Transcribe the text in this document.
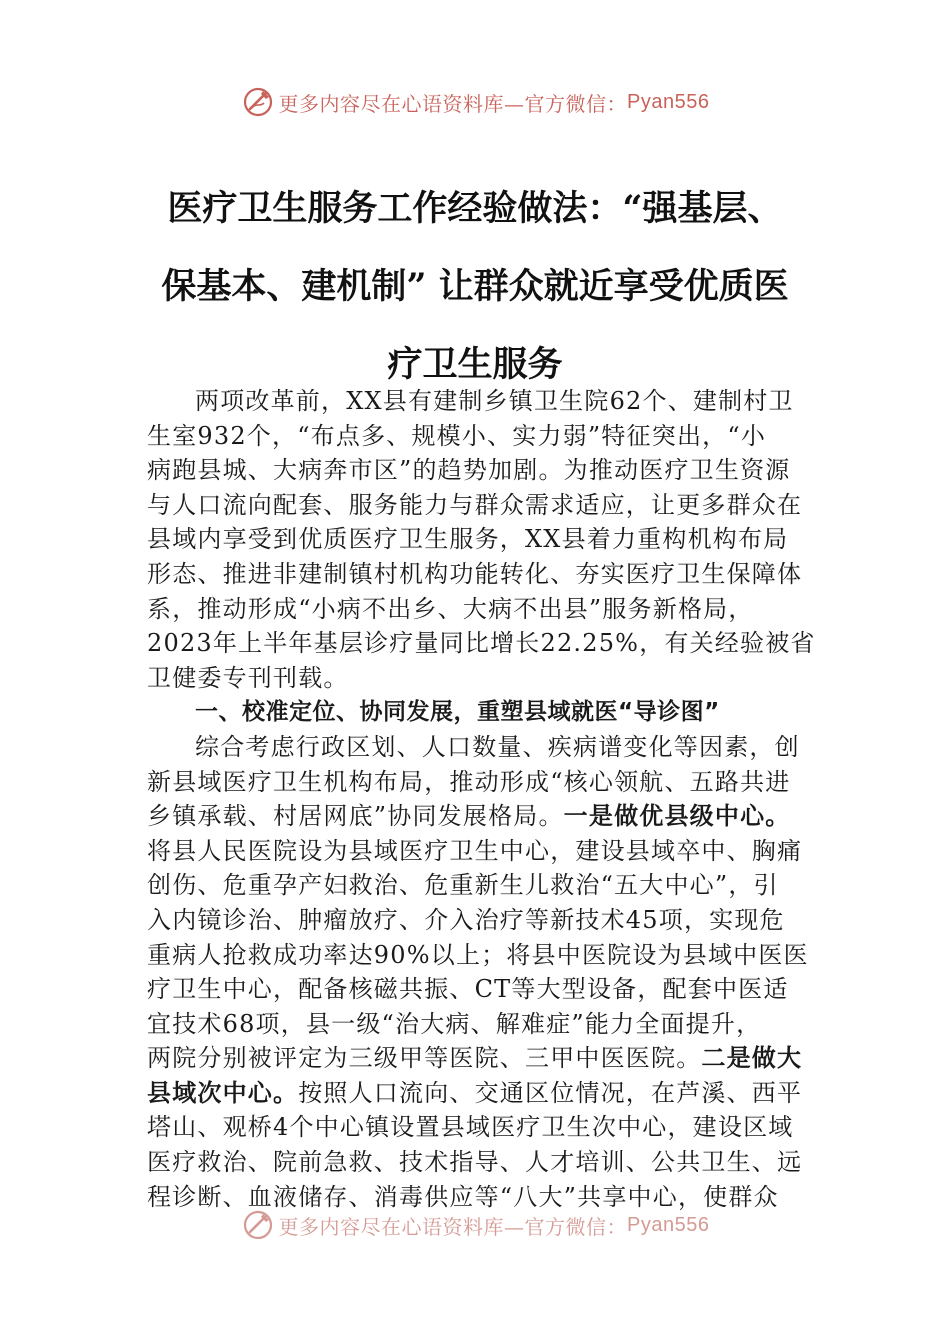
更多内容尽在心语资料库—官方微信： Pyan556
医疗卫生服务工作经验做法：“强基层、
保基本、建机制” 让群众就近享受优质医
疗卫生服务
两项改革前，XX县有建制乡镇卫生院62个、建制村卫
生室932个，“布点多、规模小、实力弱”特征突出，“小
病跑县城、大病奔市区”的趋势加剧。为推动医疗卫生资源
与人口流向配套、服务能力与群众需求适应，让更多群众在
县域内享受到优质医疗卫生服务，XX县着力重构机构布局
形态、推进非建制镇村机构功能转化、夯实医疗卫生保障体
系，推动形成“小病不出乡、大病不出县”服务新格局，
2023年上半年基层诊疗量同比增长22.25%，有关经验被省
卫健委专刊刊载。
一、校准定位、协同发展，重塑县域就医“导诊图”
综合考虑行政区划、人口数量、疾病谱变化等因素，创
新县域医疗卫生机构布局，推动形成“核心领航、五路共进
乡镇承载、村居网底”协同发展格局。一是做优县级中心。
将县人民医院设为县域医疗卫生中心，建设县域卒中、胸痛
创伤、危重孕产妇救治、危重新生儿救治“五大中心”，引
入内镜诊治、肿瘤放疗、介入治疗等新技术45项，实现危
重病人抢救成功率达90%以上；将县中医院设为县域中医医
疗卫生中心，配备核磁共振、CT等大型设备，配套中医适
宜技术68项，县一级“治大病、解难症”能力全面提升，
两院分别被评定为三级甲等医院、三甲中医医院。二是做大
县域次中心。按照人口流向、交通区位情况，在芦溪、西平
塔山、观桥4个中心镇设置县域医疗卫生次中心，建设区域
医疗救治、院前急救、技术指导、人才培训、公共卫生、远
程诊断、血液储存、消毒供应等“八大”共享中心，使群众
更多内容尽在心语资料库—官方微信： Pyan556
